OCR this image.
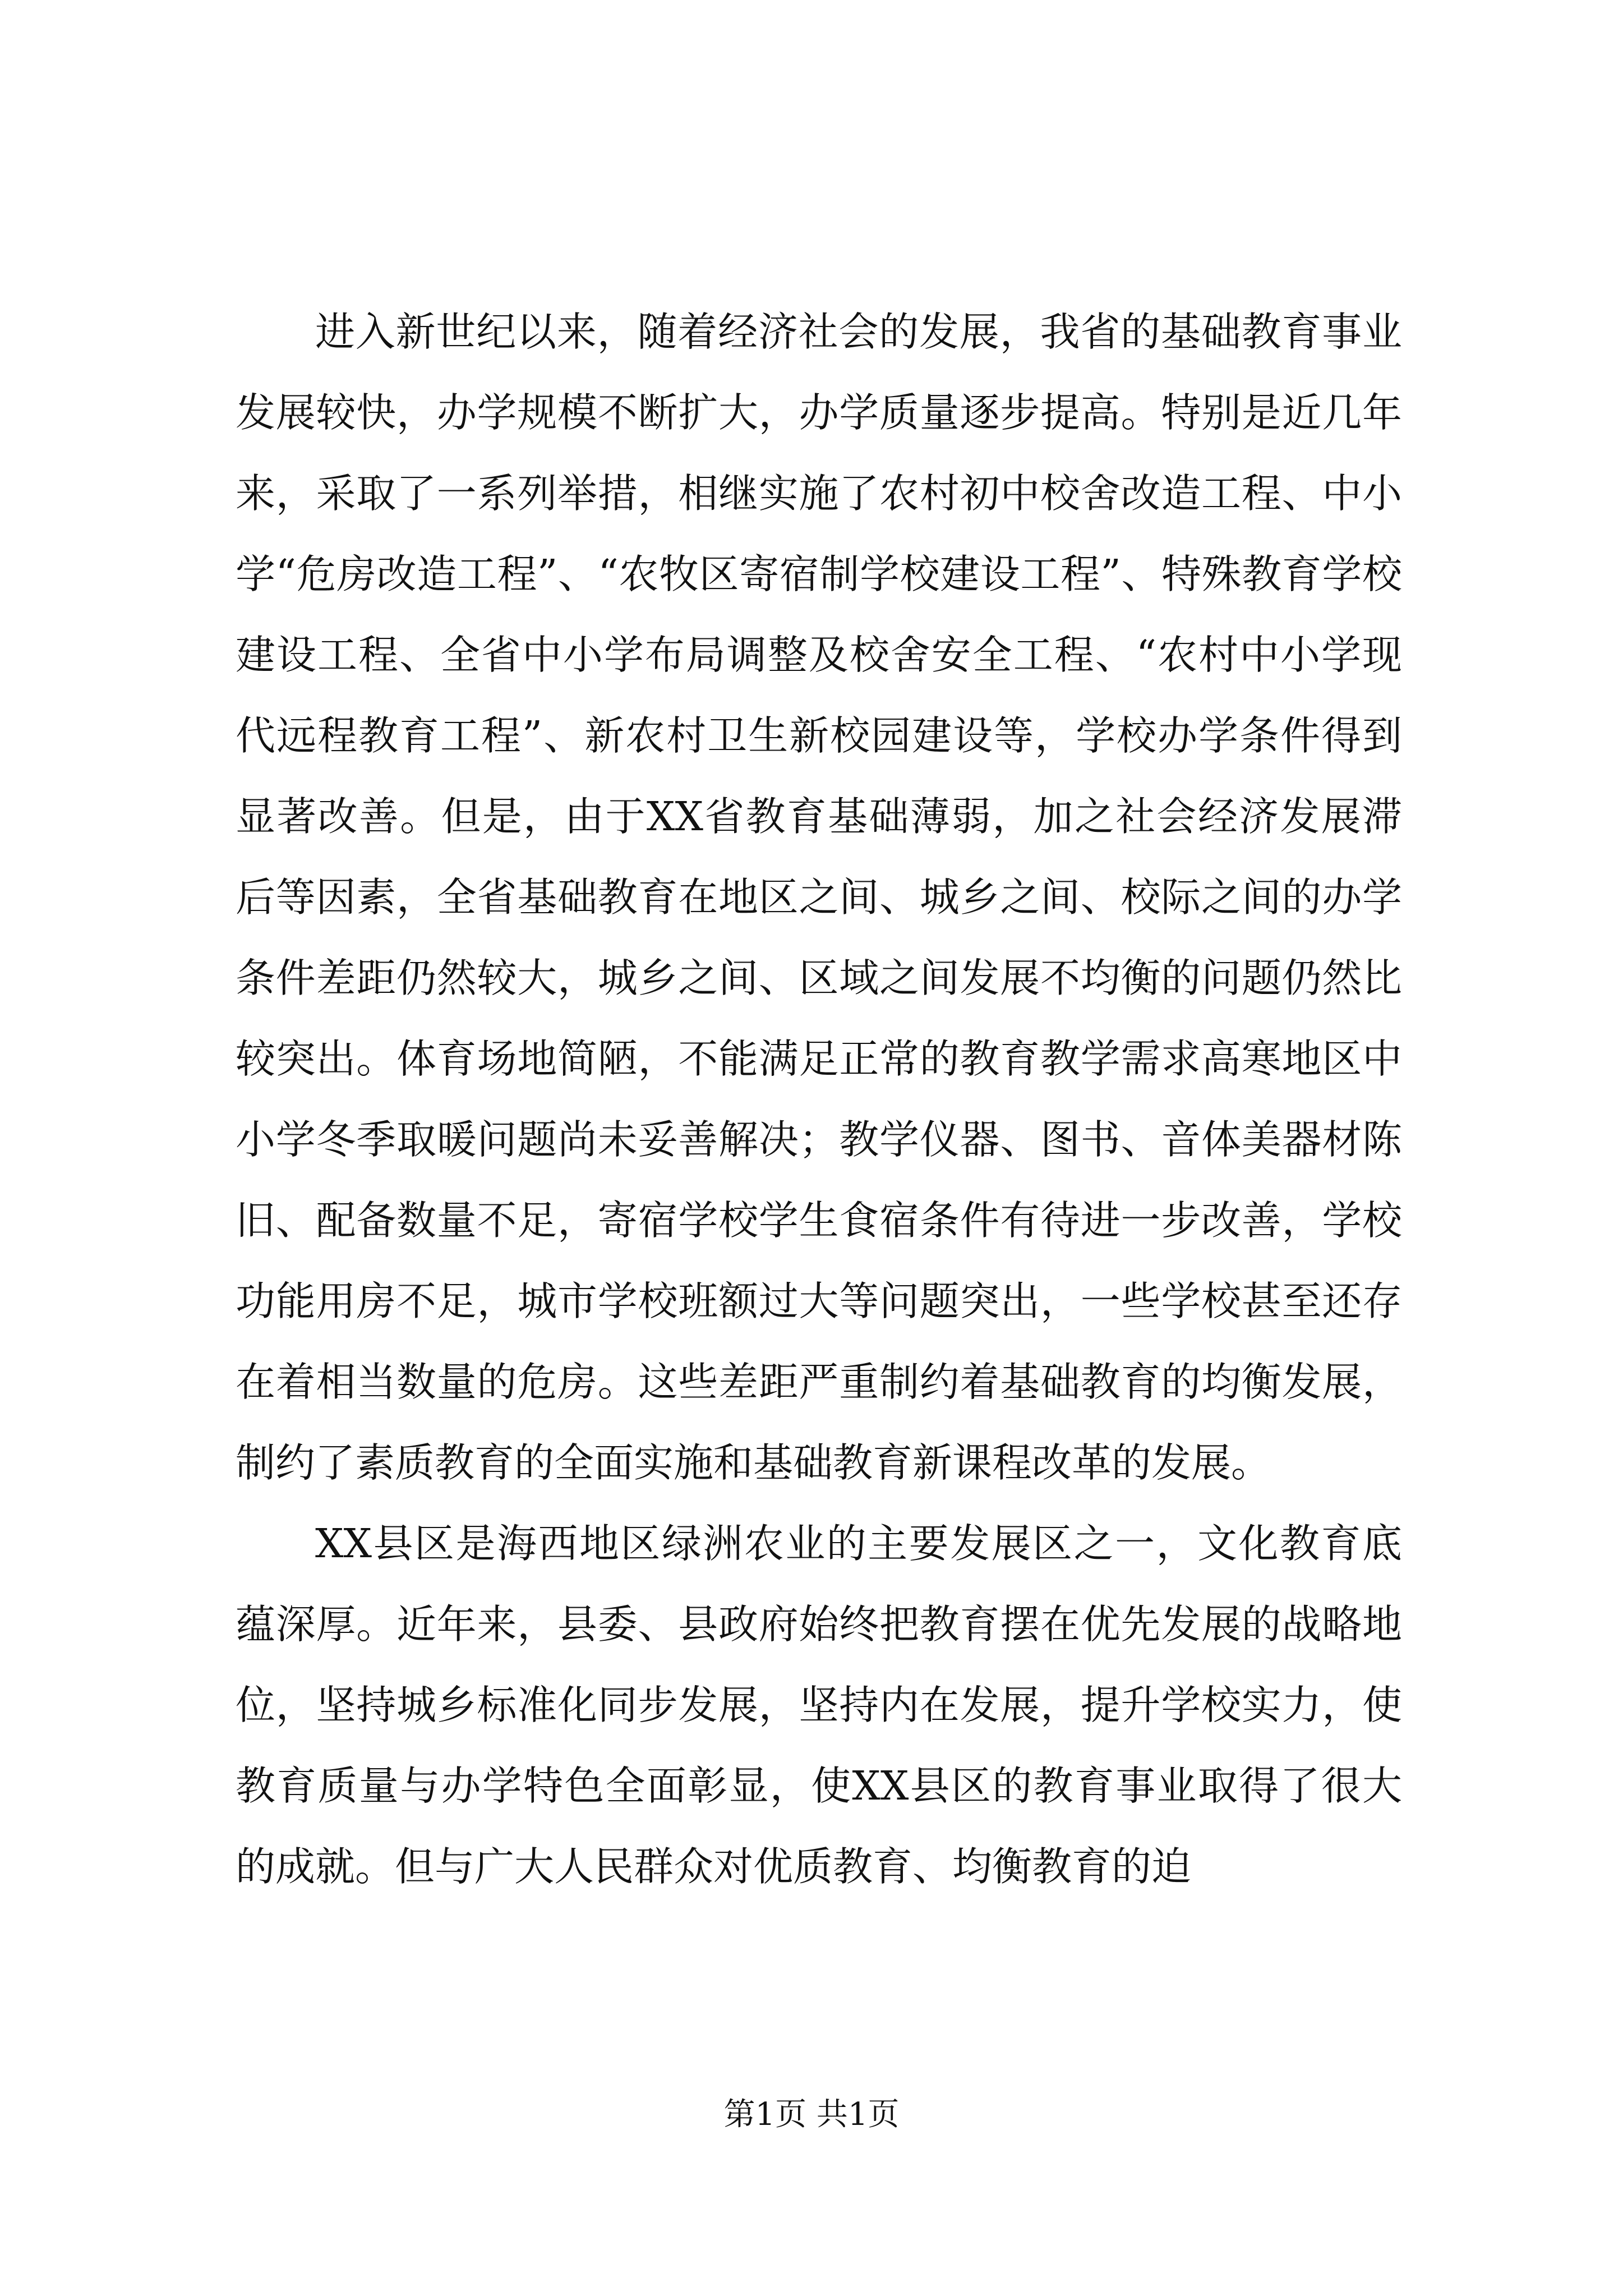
进入新世纪以来，随着经济社会的发展，我省的基础教育事业发展较快，办学规模不断扩大，办学质量逐步提高。特别是近几年来，采取了一系列举措，相继实施了农村初中校舍改造工程、中小学“危房改造工程”、“农牧区寄宿制学校建设工程”、特殊教育学校建设工程、全省中小学布局调整及校舍安全工程、“农村中小学现代远程教育工程”、新农村卫生新校园建设等，学校办学条件得到显著改善。但是，由于XX省教育基础薄弱，加之社会经济发展滞后等因素，全省基础教育在地区之间、城乡之间、校际之间的办学条件差距仍然较大，城乡之间、区域之间发展不均衡的问题仍然比较突出。体育场地简陋，不能满足正常的教育教学需求高寒地区中小学冬季取暖问题尚未妥善解决；教学仪器、图书、音体美器材陈旧、配备数量不足，寄宿学校学生食宿条件有待进一步改善，学校功能用房不足，城市学校班额过大等问题突出，一些学校甚至还存在着相当数量的危房。这些差距严重制约着基础教育的均衡发展，制约了素质教育的全面实施和基础教育新课程改革的发展。

XX县区是海西地区绿洲农业的主要发展区之一，文化教育底蕴深厚。近年来，县委、县政府始终把教育摆在优先发展的战略地位，坚持城乡标准化同步发展，坚持内在发展，提升学校实力，使教育质量与办学特色全面彰显，使XX县区的教育事业取得了很大的成就。但与广大人民群众对优质教育、均衡教育的迫

第1页 共1页
